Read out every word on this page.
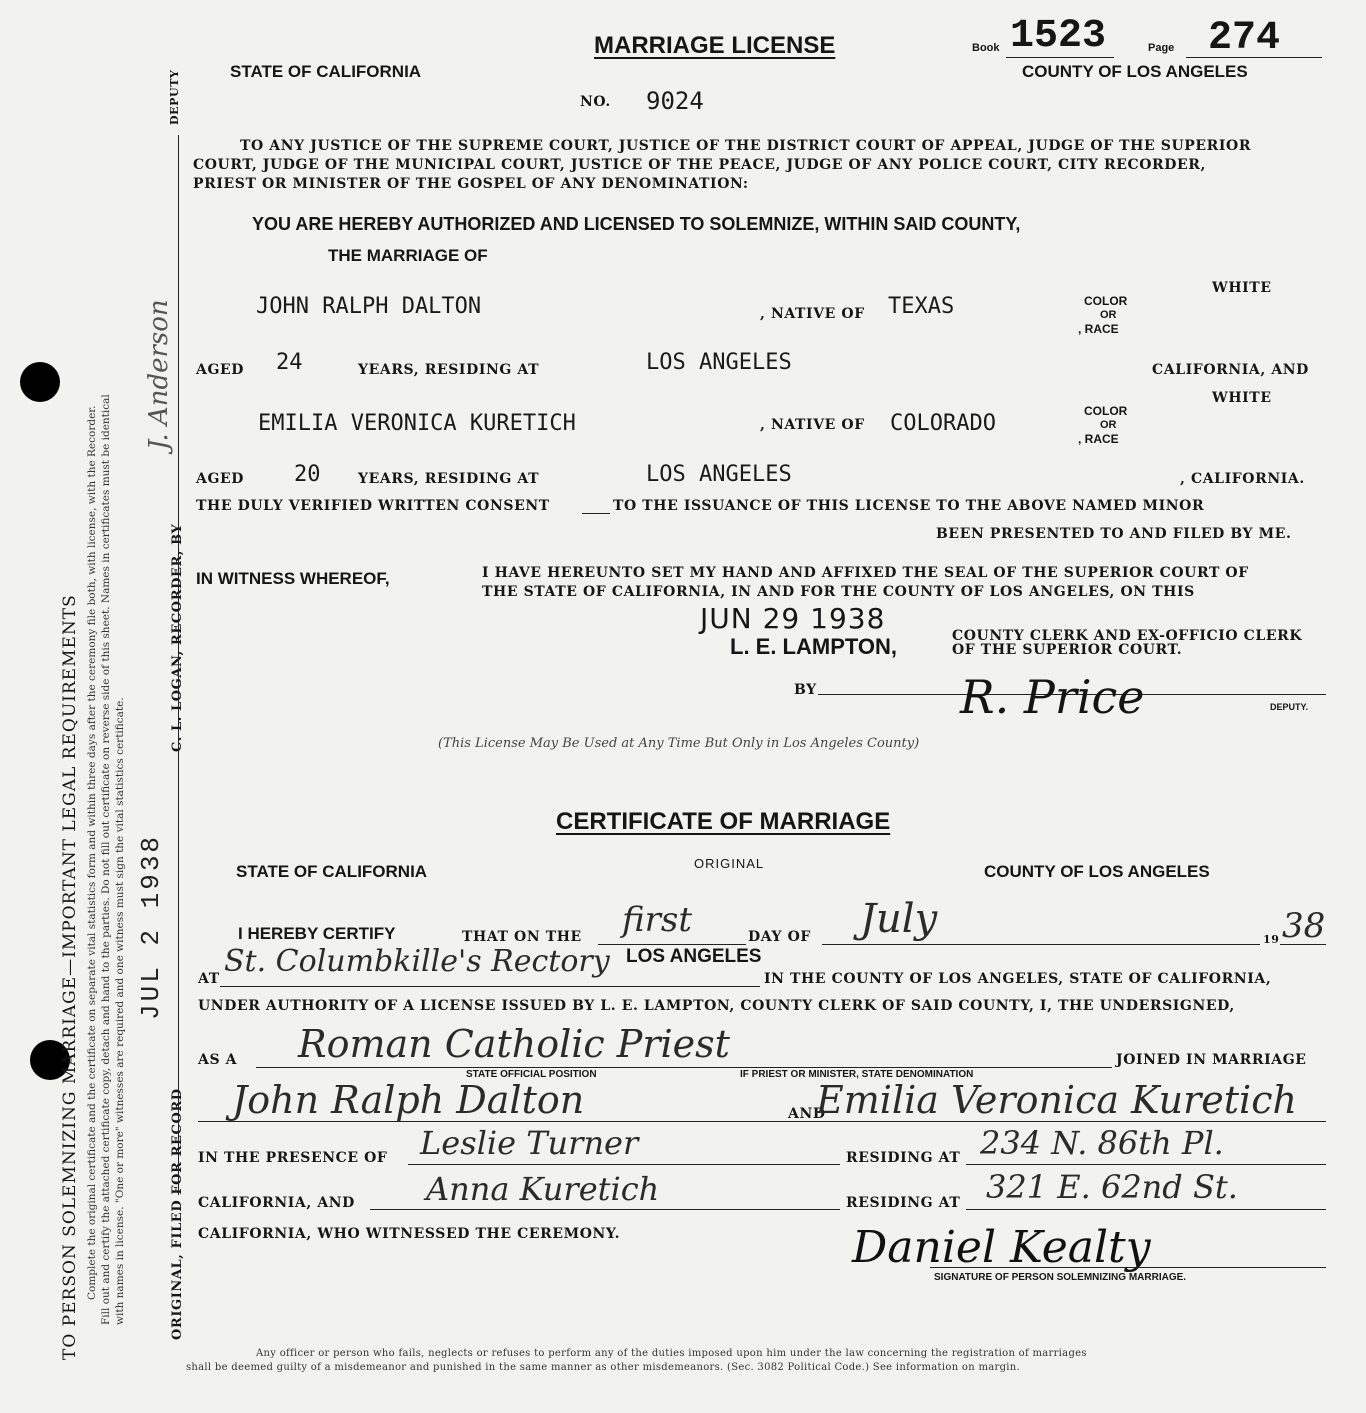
TO PERSON SOLEMNIZING MARRIAGE—IMPORTANT LEGAL REQUIREMENTS Complete the original certificate and the certificate on separate vital statistics form and within three days after the ceremony file both, with license, with the Recorder. Fill out and certify the attached certificate copy, detach and hand to the parties. Do not fill out certificate on reverse side of this sheet. Names in certificates must be identical with names in license. "One or more" witnesses are required and one witness must sign the vital statistics certificate.	ORIGINAL, FILED FOR RECORD
C. L. LOGAN, RECORDER, BY
DEPUTY
J. Anderson
JUL 2 1938
MARRIAGE LICENSE	Book 1523	Page 274
STATE OF CALIFORNIA	COUNTY OF LOS ANGELES
NO. 9024
TO ANY JUSTICE OF THE SUPREME COURT, JUSTICE OF THE DISTRICT COURT OF APPEAL, JUDGE OF THE SUPERIOR
COURT, JUDGE OF THE MUNICIPAL COURT, JUSTICE OF THE PEACE, JUDGE OF ANY POLICE COURT, CITY RECORDER,
PRIEST OR MINISTER OF THE GOSPEL OF ANY DENOMINATION:
YOU ARE HEREBY AUTHORIZED AND LICENSED TO SOLEMNIZE, WITHIN SAID COUNTY,
THE MARRIAGE OF
JOHN RALPH DALTON	, NATIVE OF TEXAS	COLOR
OR
, RACE
WHITE
AGED 24	YEARS, RESIDING AT	LOS ANGELES	CALIFORNIA, AND
WHITE
EMILIA VERONICA KURETICH	, NATIVE OF COLORADO	COLOR
OR
, RACE
AGED 20	YEARS, RESIDING AT	LOS ANGELES	, CALIFORNIA.
THE DULY VERIFIED WRITTEN CONSENT	TO THE ISSUANCE OF THIS LICENSE TO THE ABOVE NAMED MINOR
BEEN PRESENTED TO AND FILED BY ME.
IN WITNESS WHEREOF,	I HAVE HEREUNTO SET MY HAND AND AFFIXED THE SEAL OF THE SUPERIOR COURT OF
THE STATE OF CALIFORNIA, IN AND FOR THE COUNTY OF LOS ANGELES, ON THIS
JUN 29 1938
L. E. LAMPTON,	COUNTY CLERK AND EX-OFFICIO CLERK
OF THE SUPERIOR COURT.
BY	R. Price	DEPUTY.
(This License May Be Used at Any Time But Only in Los Angeles County)
CERTIFICATE OF MARRIAGE
STATE OF CALIFORNIA	ORIGINAL	COUNTY OF LOS ANGELES
I HEREBY CERTIFY	THAT ON THE first	DAY OF July	19 38
LOS ANGELES
AT St. Columbkille's Rectory	IN THE COUNTY OF LOS ANGELES, STATE OF CALIFORNIA,
UNDER AUTHORITY OF A LICENSE ISSUED BY L. E. LAMPTON, COUNTY CLERK OF SAID COUNTY, I, THE UNDERSIGNED,
AS A Roman Catholic Priest	JOINED IN MARRIAGE
STATE OFFICIAL POSITION	IF PRIEST OR MINISTER, STATE DENOMINATION
John Ralph Dalton	AND
Emilia Veronica Kuretich
IN THE PRESENCE OF Leslie Turner	RESIDING AT 234 N. 86th Pl.
CALIFORNIA, AND Anna Kuretich	RESIDING AT 321 E. 62nd St.
CALIFORNIA, WHO WITNESSED THE CEREMONY.	Daniel Kealty
SIGNATURE OF PERSON SOLEMNIZING MARRIAGE.
Any officer or person who fails, neglects or refuses to perform any of the duties imposed upon him under the law concerning the registration of marriages
shall be deemed guilty of a misdemeanor and punished in the same manner as other misdemeanors. (Sec. 3082 Political Code.) See information on margin.
